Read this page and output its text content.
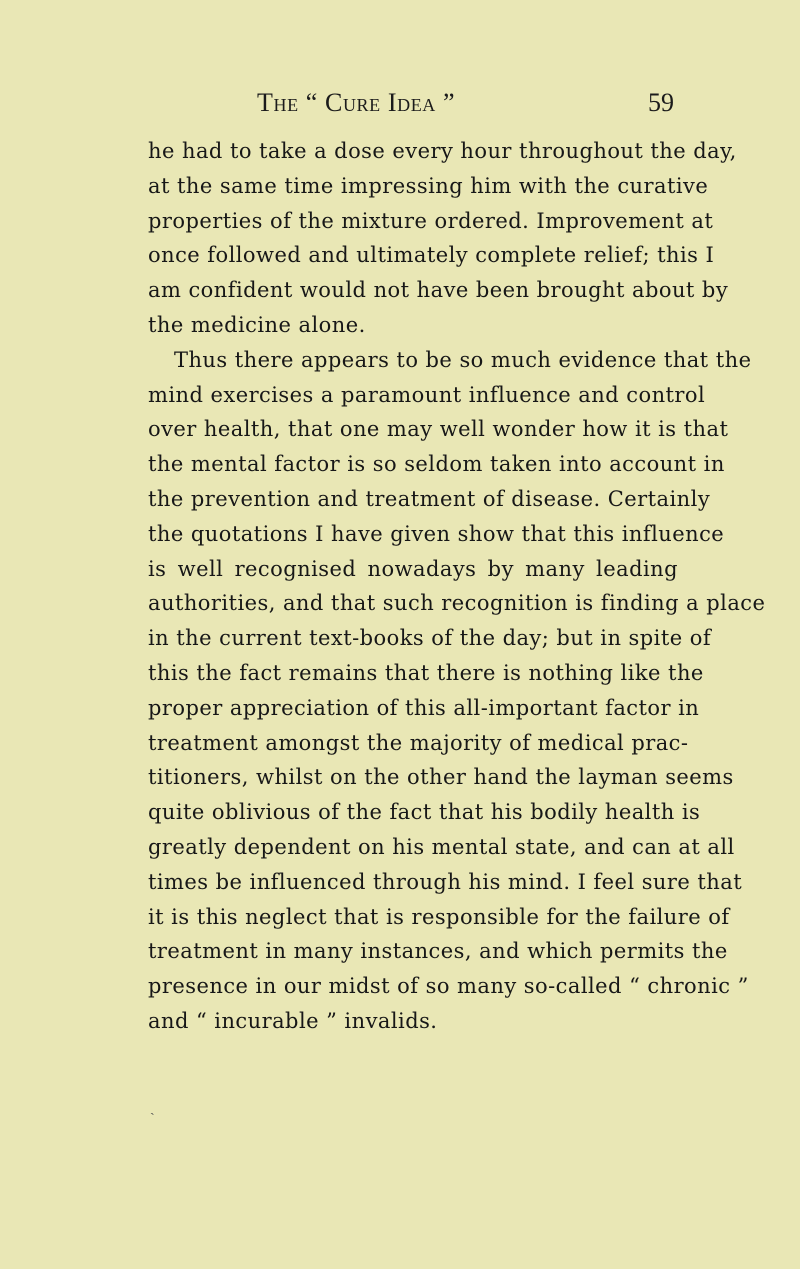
The “ Cure Idea ”	59
he had to take a dose every hour throughout the day,
at the same time impressing him with the curative
properties of the mixture ordered. Improvement at
once followed and ultimately complete relief; this I
am confident would not have been brought about by
the medicine alone.
Thus there appears to be so much evidence that the
mind exercises a paramount influence and control
over health, that one may well wonder how it is that
the mental factor is so seldom taken into account in
the prevention and treatment of disease. Certainly
the quotations I have given show that this influence
is well recognised nowadays by many leading
authorities, and that such recognition is finding a place
in the current text-books of the day; but in spite of
this the fact remains that there is nothing like the
proper appreciation of this all-important factor in
treatment amongst the majority of medical prac-
titioners, whilst on the other hand the layman seems
quite oblivious of the fact that his bodily health is
greatly dependent on his mental state, and can at all
times be influenced through his mind. I feel sure that
it is this neglect that is responsible for the failure of
treatment in many instances, and which permits the
presence in our midst of so many so-called “ chronic ”
and “ incurable ” invalids.
ˎ
